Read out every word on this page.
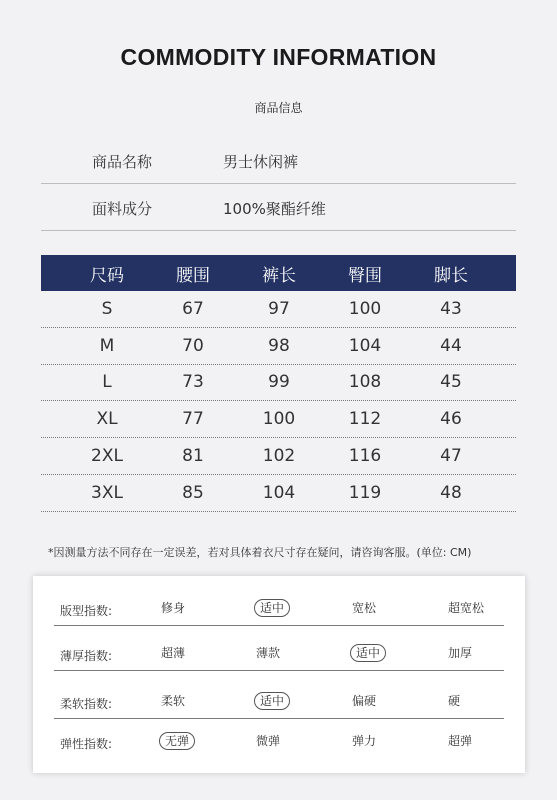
COMMODITY INFORMATION
商品信息
商品名称	男士休闲裤
面料成分	100%聚酯纤维
尺码	腰围	裤长	臀围	脚长
S	67	97	100	43
M	70	98	104	44
L	73	99	108	45
XL	77	100	112	46
2XL	81	102	116	47
3XL	85	104	119	48
*因测量方法不同存在一定误差，若对具体着衣尺寸存在疑问，请咨询客服。(单位: CM)
版型指数:	修身	适中	宽松	超宽松
薄厚指数:	超薄	薄款	适中	加厚
柔软指数:	柔软	适中	偏硬	硬
弹性指数:	无弹	微弹	弹力	超弹
